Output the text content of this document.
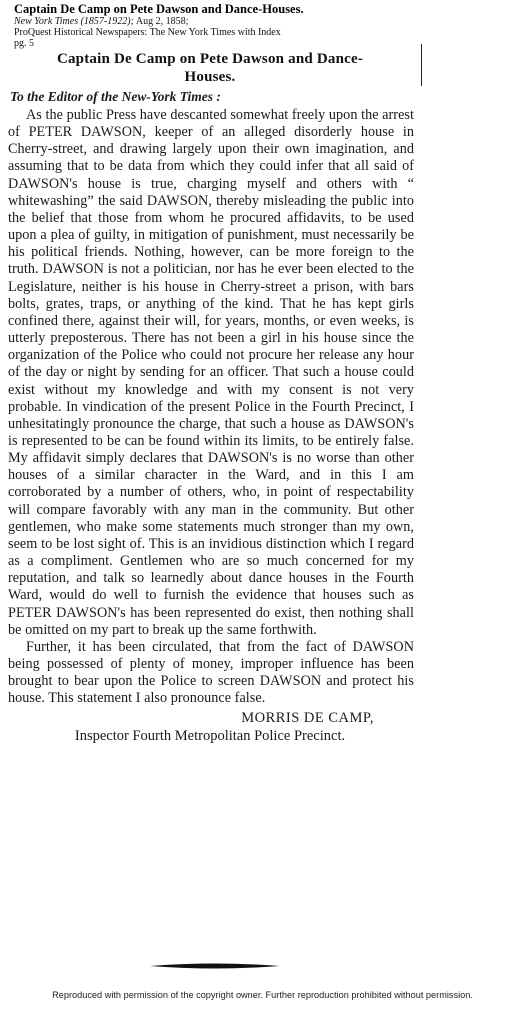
Captain De Camp on Pete Dawson and Dance-Houses.
New York Times (1857-1922); Aug 2, 1858;
ProQuest Historical Newspapers: The New York Times with Index
pg. 5
Captain De Camp on Pete Dawson and Dance-
Houses.
To the Editor of the New-York Times :

As the public Press have descanted somewhat freely upon the arrest of PETER DAWSON, keeper of an alleged disorderly house in Cherry-street, and drawing largely upon their own imagination, and assuming that to be data from which they could infer that all said of DAWSON's house is true, charging myself and others with “ whitewashing” the said DAWSON, thereby misleading the public into the belief that those from whom he procured affidavits, to be used upon a plea of guilty, in mitigation of punishment, must necessarily be his political friends. Nothing, however, can be more foreign to the truth. DAWSON is not a politician, nor has he ever been elected to the Legislature, neither is his house in Cherry-street a prison, with bars bolts, grates, traps, or anything of the kind. That he has kept girls confined there, against their will, for years, months, or even weeks, is utterly preposterous. There has not been a girl in his house since the organization of the Police who could not procure her release any hour of the day or night by sending for an officer. That such a house could exist without my knowledge and with my consent is not very probable. In vindication of the present Police in the Fourth Precinct, I unhesitatingly pronounce the charge, that such a house as DAWSON's is represented to be can be found within its limits, to be entirely false. My affidavit simply declares that DAWSON's is no worse than other houses of a similar character in the Ward, and in this I am corroborated by a number of others, who, in point of respectability will compare favorably with any man in the community. But other gentlemen, who make some statements much stronger than my own, seem to be lost sight of. This is an invidious distinction which I regard as a compliment. Gentlemen who are so much concerned for my reputation, and talk so learnedly about dance houses in the Fourth Ward, would do well to furnish the evidence that houses such as PETER DAWSON's has been represented do exist, then nothing shall be omitted on my part to break up the same forthwith.

Further, it has been circulated, that from the fact of DAWSON being possessed of plenty of money, improper influence has been brought to bear upon the Police to screen DAWSON and protect his house. This statement I also pronounce false.

MORRIS DE CAMP,
Inspector Fourth Metropolitan Police Precinct.
Reproduced with permission of the copyright owner. Further reproduction prohibited without permission.
